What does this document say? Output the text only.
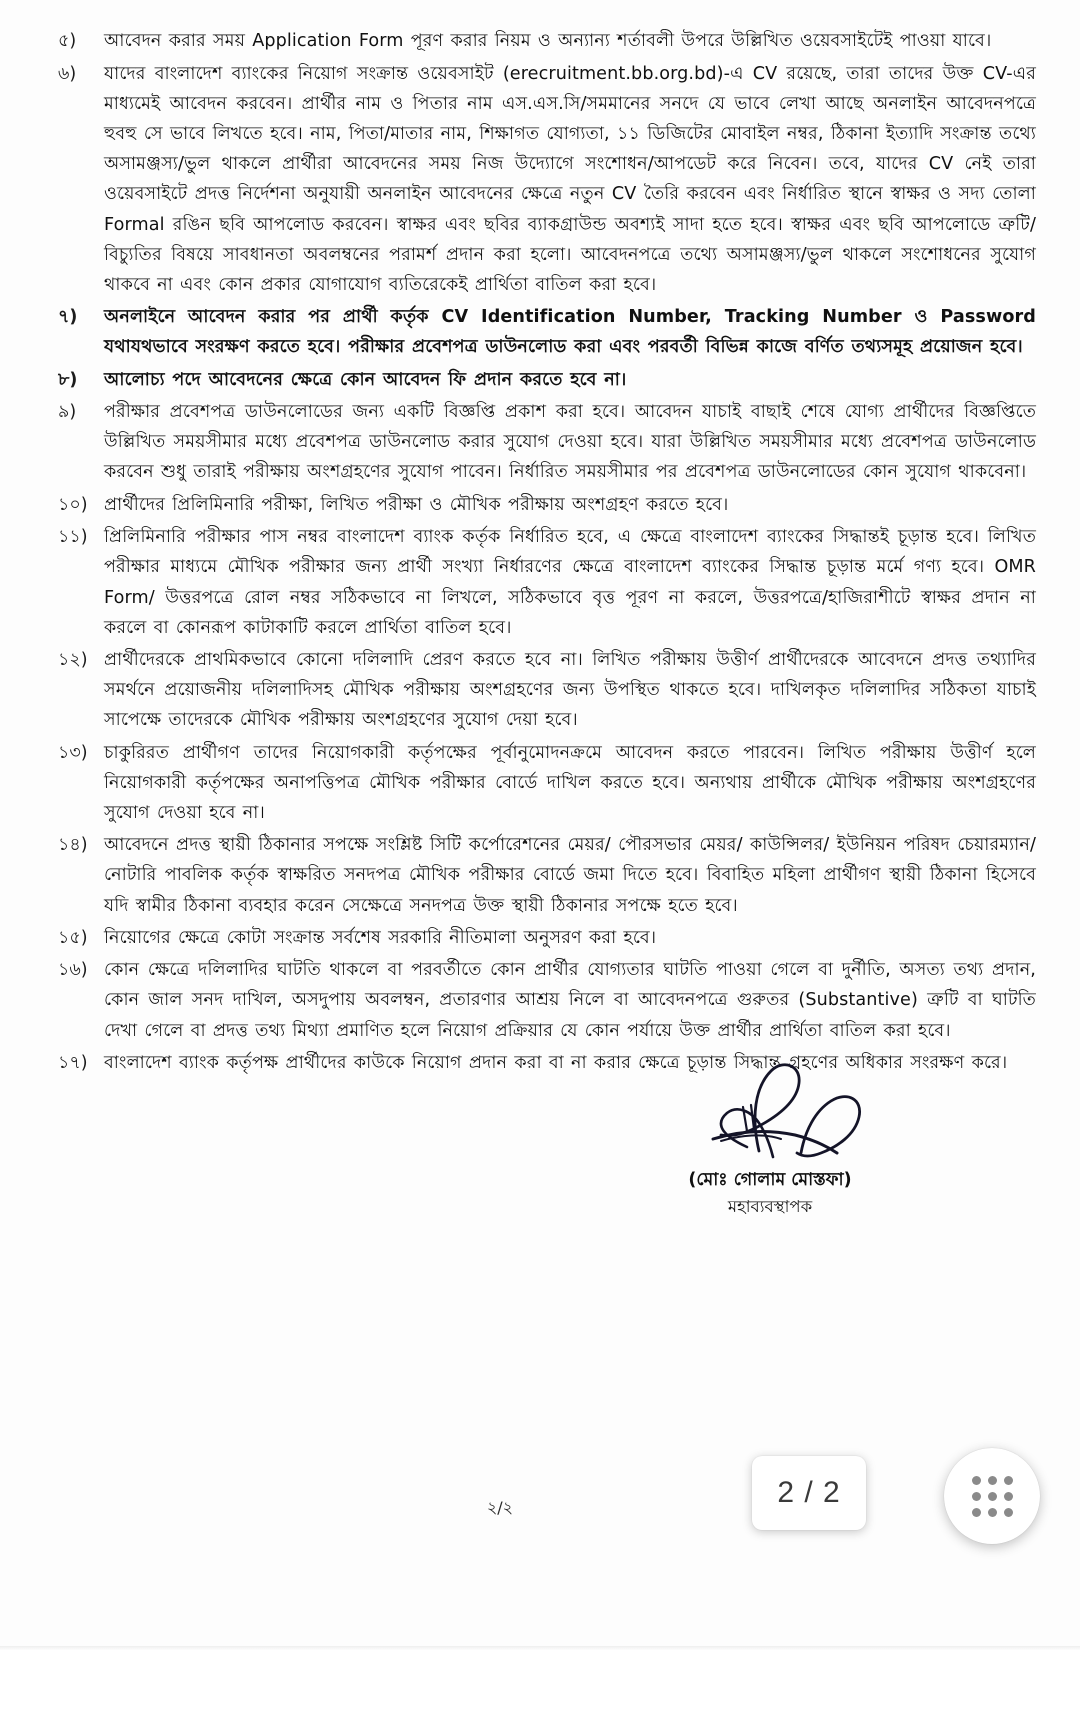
৫)	আবেদন করার সময় Application Form পূরণ করার নিয়ম ও অন্যান্য শর্তাবলী উপরে উল্লিখিত ওয়েবসাইটেই পাওয়া যাবে।
৬)	যাদের বাংলাদেশ ব্যাংকের নিয়োগ সংক্রান্ত ওয়েবসাইট (erecruitment.bb.org.bd)-এ CV রয়েছে, তারা তাদের উক্ত CV-এর মাধ্যমেই আবেদন করবেন। প্রার্থীর নাম ও পিতার নাম এস.এস.সি/সমমানের সনদে যে ভাবে লেখা আছে অনলাইন আবেদনপত্রে হুবহু সে ভাবে লিখতে হবে। নাম, পিতা/মাতার নাম, শিক্ষাগত যোগ্যতা, ১১ ডিজিটের মোবাইল নম্বর, ঠিকানা ইত্যাদি সংক্রান্ত তথ্যে অসামঞ্জস্য/ভুল থাকলে প্রার্থীরা আবেদনের সময় নিজ উদ্যোগে সংশোধন/আপডেট করে নিবেন। তবে, যাদের CV নেই তারা ওয়েবসাইটে প্রদত্ত নির্দেশনা অনুযায়ী অনলাইন আবেদনের ক্ষেত্রে নতুন CV তৈরি করবেন এবং নির্ধারিত স্থানে স্বাক্ষর ও সদ্য তোলা Formal রঙিন ছবি আপলোড করবেন। স্বাক্ষর এবং ছবির ব্যাকগ্রাউন্ড অবশ্যই সাদা হতে হবে। স্বাক্ষর এবং ছবি আপলোডে ত্রুটি/বিচ্যুতির বিষয়ে সাবধানতা অবলম্বনের পরামর্শ প্রদান করা হলো। আবেদনপত্রে তথ্যে অসামঞ্জস্য/ভুল থাকলে সংশোধনের সুযোগ থাকবে না এবং কোন প্রকার যোগাযোগ ব্যতিরেকেই প্রার্থিতা বাতিল করা হবে।
৭)	অনলাইনে আবেদন করার পর প্রার্থী কর্তৃক CV Identification Number, Tracking Number ও Password যথাযথভাবে সংরক্ষণ করতে হবে। পরীক্ষার প্রবেশপত্র ডাউনলোড করা এবং পরবর্তী বিভিন্ন কাজে বর্ণিত তথ্যসমূহ প্রয়োজন হবে।
৮)	আলোচ্য পদে আবেদনের ক্ষেত্রে কোন আবেদন ফি প্রদান করতে হবে না।
৯)	পরীক্ষার প্রবেশপত্র ডাউনলোডের জন্য একটি বিজ্ঞপ্তি প্রকাশ করা হবে। আবেদন যাচাই বাছাই শেষে যোগ্য প্রার্থীদের বিজ্ঞপ্তিতে উল্লিখিত সময়সীমার মধ্যে প্রবেশপত্র ডাউনলোড করার সুযোগ দেওয়া হবে। যারা উল্লিখিত সময়সীমার মধ্যে প্রবেশপত্র ডাউনলোড করবেন শুধু তারাই পরীক্ষায় অংশগ্রহণের সুযোগ পাবেন। নির্ধারিত সময়সীমার পর প্রবেশপত্র ডাউনলোডের কোন সুযোগ থাকবেনা।
১০) প্রার্থীদের প্রিলিমিনারি পরীক্ষা, লিখিত পরীক্ষা ও মৌখিক পরীক্ষায় অংশগ্রহণ করতে হবে।
১১) প্রিলিমিনারি পরীক্ষার পাস নম্বর বাংলাদেশ ব্যাংক কর্তৃক নির্ধারিত হবে, এ ক্ষেত্রে বাংলাদেশ ব্যাংকের সিদ্ধান্তই চূড়ান্ত হবে। লিখিত পরীক্ষার মাধ্যমে মৌখিক পরীক্ষার জন্য প্রার্থী সংখ্যা নির্ধারণের ক্ষেত্রে বাংলাদেশ ব্যাংকের সিদ্ধান্ত চূড়ান্ত মর্মে গণ্য হবে। OMR Form/ উত্তরপত্রে রোল নম্বর সঠিকভাবে না লিখলে, সঠিকভাবে বৃত্ত পূরণ না করলে, উত্তরপত্রে/হাজিরাশীটে স্বাক্ষর প্রদান না করলে বা কোনরূপ কাটাকাটি করলে প্রার্থিতা বাতিল হবে।
১২) প্রার্থীদেরকে প্রাথমিকভাবে কোনো দলিলাদি প্রেরণ করতে হবে না। লিখিত পরীক্ষায় উত্তীর্ণ প্রার্থীদেরকে আবেদনে প্রদত্ত তথ্যাদির সমর্থনে প্রয়োজনীয় দলিলাদিসহ মৌখিক পরীক্ষায় অংশগ্রহণের জন্য উপস্থিত থাকতে হবে। দাখিলকৃত দলিলাদির সঠিকতা যাচাই সাপেক্ষে তাদেরকে মৌখিক পরীক্ষায় অংশগ্রহণের সুযোগ দেয়া হবে।
১৩) চাকুরিরত প্রার্থীগণ তাদের নিয়োগকারী কর্তৃপক্ষের পূর্বানুমোদনক্রমে আবেদন করতে পারবেন। লিখিত পরীক্ষায় উত্তীর্ণ হলে নিয়োগকারী কর্তৃপক্ষের অনাপত্তিপত্র মৌখিক পরীক্ষার বোর্ডে দাখিল করতে হবে। অন্যথায় প্রার্থীকে মৌখিক পরীক্ষায় অংশগ্রহণের সুযোগ দেওয়া হবে না।
১৪) আবেদনে প্রদত্ত স্থায়ী ঠিকানার সপক্ষে সংশ্লিষ্ট সিটি কর্পোরেশনের মেয়র/ পৌরসভার মেয়র/ কাউন্সিলর/ ইউনিয়ন পরিষদ চেয়ারম্যান/ নোটারি পাবলিক কর্তৃক স্বাক্ষরিত সনদপত্র মৌখিক পরীক্ষার বোর্ডে জমা দিতে হবে। বিবাহিত মহিলা প্রার্থীগণ স্থায়ী ঠিকানা হিসেবে যদি স্বামীর ঠিকানা ব্যবহার করেন সেক্ষেত্রে সনদপত্র উক্ত স্থায়ী ঠিকানার সপক্ষে হতে হবে।
১৫) নিয়োগের ক্ষেত্রে কোটা সংক্রান্ত সর্বশেষ সরকারি নীতিমালা অনুসরণ করা হবে।
১৬) কোন ক্ষেত্রে দলিলাদির ঘাটতি থাকলে বা পরবর্তীতে কোন প্রার্থীর যোগ্যতার ঘাটতি পাওয়া গেলে বা দুর্নীতি, অসত্য তথ্য প্রদান, কোন জাল সনদ দাখিল, অসদুপায় অবলম্বন, প্রতারণার আশ্রয় নিলে বা আবেদনপত্রে গুরুতর (Substantive) ত্রুটি বা ঘাটতি দেখা গেলে বা প্রদত্ত তথ্য মিথ্যা প্রমাণিত হলে নিয়োগ প্রক্রিয়ার যে কোন পর্যায়ে উক্ত প্রার্থীর প্রার্থিতা বাতিল করা হবে।
১৭) বাংলাদেশ ব্যাংক কর্তৃপক্ষ প্রার্থীদের কাউকে নিয়োগ প্রদান করা বা না করার ক্ষেত্রে চূড়ান্ত সিদ্ধান্ত গ্রহণের অধিকার সংরক্ষণ করে।
(মোঃ গোলাম মোস্তফা)
মহাব্যবস্থাপক
২/২	2 / 2
